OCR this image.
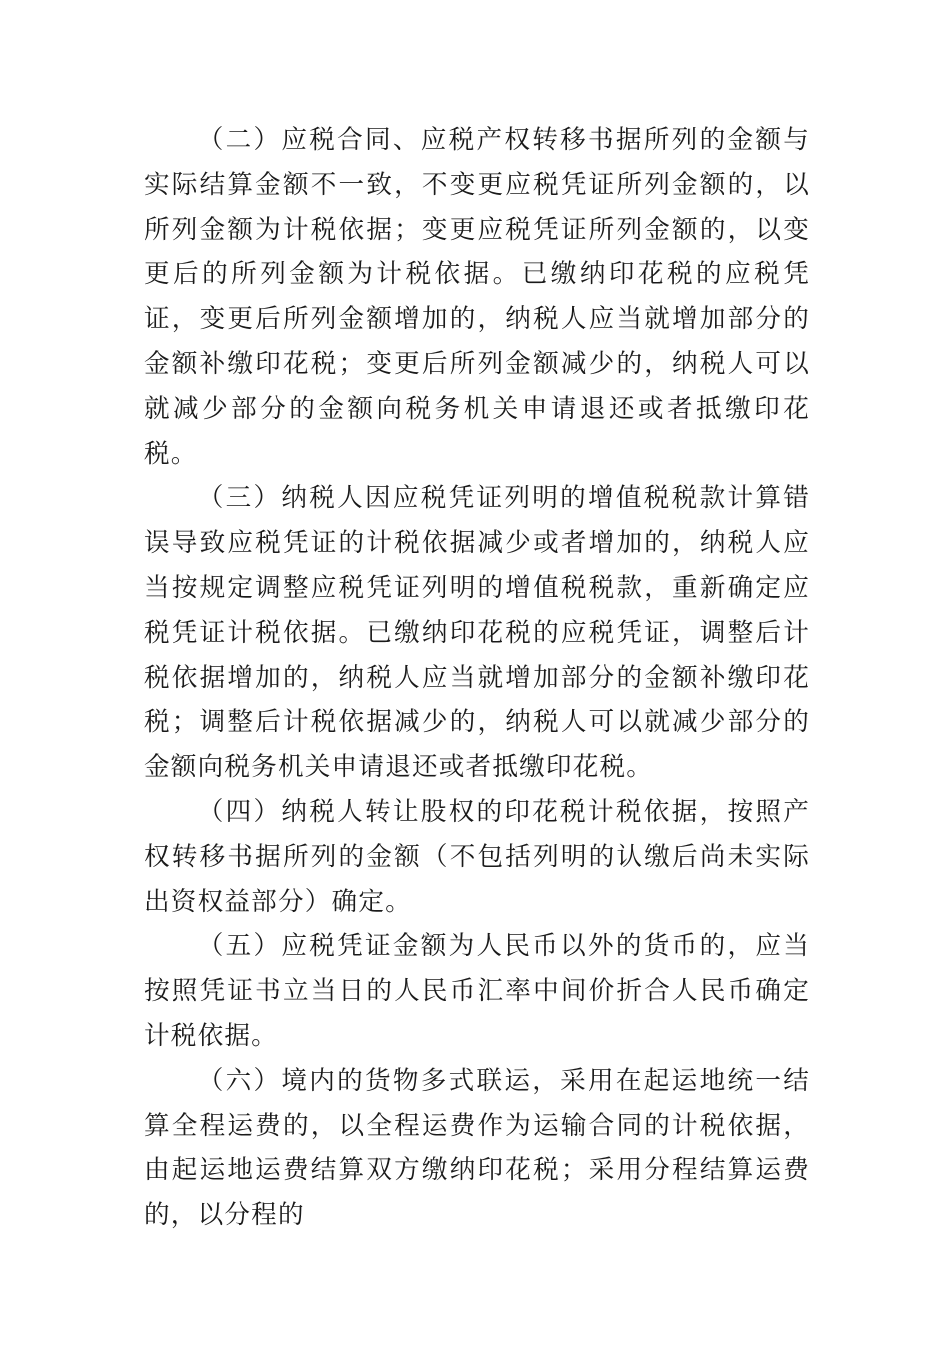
（二）应税合同、应税产权转移书据所列的金额与实际结算金额不一致，不变更应税凭证所列金额的，以所列金额为计税依据；变更应税凭证所列金额的，以变更后的所列金额为计税依据。已缴纳印花税的应税凭证，变更后所列金额增加的，纳税人应当就增加部分的金额补缴印花税；变更后所列金额减少的，纳税人可以就减少部分的金额向税务机关申请退还或者抵缴印花税。

（三）纳税人因应税凭证列明的增值税税款计算错误导致应税凭证的计税依据减少或者增加的，纳税人应当按规定调整应税凭证列明的增值税税款，重新确定应税凭证计税依据。已缴纳印花税的应税凭证，调整后计税依据增加的，纳税人应当就增加部分的金额补缴印花税；调整后计税依据减少的，纳税人可以就减少部分的金额向税务机关申请退还或者抵缴印花税。

（四）纳税人转让股权的印花税计税依据，按照产权转移书据所列的金额（不包括列明的认缴后尚未实际出资权益部分）确定。

（五）应税凭证金额为人民币以外的货币的，应当按照凭证书立当日的人民币汇率中间价折合人民币确定计税依据。

（六）境内的货物多式联运，采用在起运地统一结算全程运费的，以全程运费作为运输合同的计税依据，由起运地运费结算双方缴纳印花税；采用分程结算运费的，以分程的
